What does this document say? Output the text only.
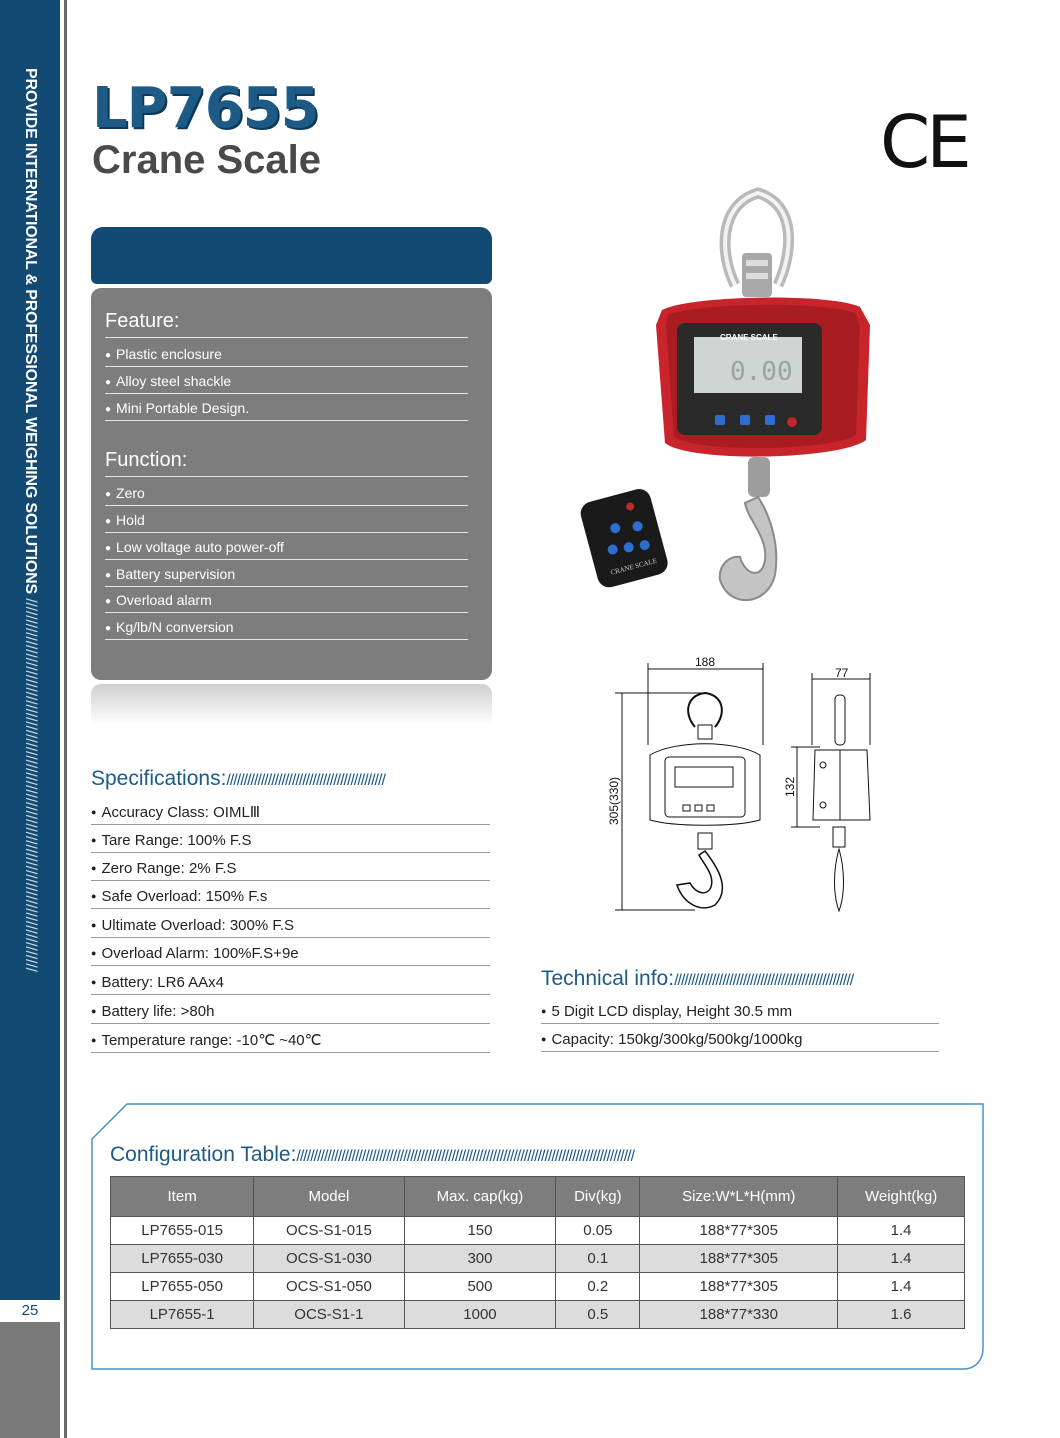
PROVIDE INTERNATIONAL & PROFESSIONAL WEIGHING SOLUTIONS ////////////////////////////////////////////////////////////////////////////////////////
25
LP7655
Crane Scale	CE
Feature:
● Plastic enclosure
● Alloy steel shackle
● Mini Portable Design.
Function:
● Zero
● Hold
● Low voltage auto power-off
● Battery supervision
● Overload alarm
● Kg/lb/N conversion
CRANE SCALE
0.00
CRANE SCALE
188
305(330)
77
132
Specifications://////////////////////////////////////////////
● Accuracy Class: OIMLⅢ
● Tare Range: 100% F.S
● Zero Range: 2% F.S
● Safe Overload: 150% F.s
● Ultimate Overload: 300% F.S
● Overload Alarm: 100%F.S+9e
● Battery: LR6 AAx4
● Battery life: >80h
● Temperature range: -10℃ ~40℃
Technical info:////////////////////////////////////////////////////
● 5 Digit LCD display, Height 30.5 mm
● Capacity: 150kg/300kg/500kg/1000kg
Configuration Table://////////////////////////////////////////////////////////////////////////////////////////////////
Item	Model	Max. cap(kg)	Div(kg)	Size:W*L*H(mm)	Weight(kg)
LP7655-015	OCS-S1-015	150	0.05	188*77*305	1.4
LP7655-030	OCS-S1-030	300	0.1	188*77*305	1.4
LP7655-050	OCS-S1-050	500	0.2	188*77*305	1.4
LP7655-1	OCS-S1-1	1000	0.5	188*77*330	1.6
